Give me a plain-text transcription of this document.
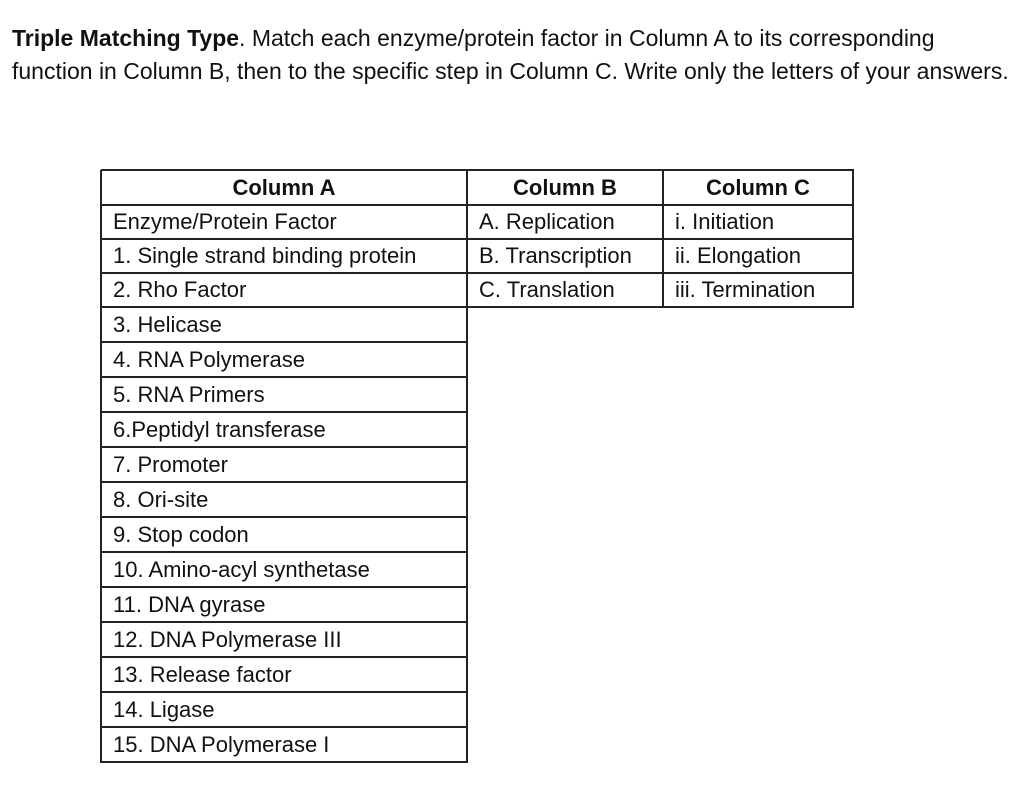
Triple Matching Type. Match each enzyme/protein factor in Column A to its corresponding function in Column B, then to the specific step in Column C. Write only the letters of your answers.

Column A	Column B	Column C
Enzyme/Protein Factor
1. Single strand binding protein
2. Rho Factor
3. Helicase
4. RNA Polymerase
5. RNA Primers
6.Peptidyl transferase
7. Promoter
8. Ori-site
9. Stop codon
10. Amino-acyl synthetase
11. DNA gyrase
12. DNA Polymerase III
13. Release factor
14. Ligase
15. DNA Polymerase I
A. Replication
B. Transcription
C. Translation
i. Initiation
ii. Elongation
iii. Termination
